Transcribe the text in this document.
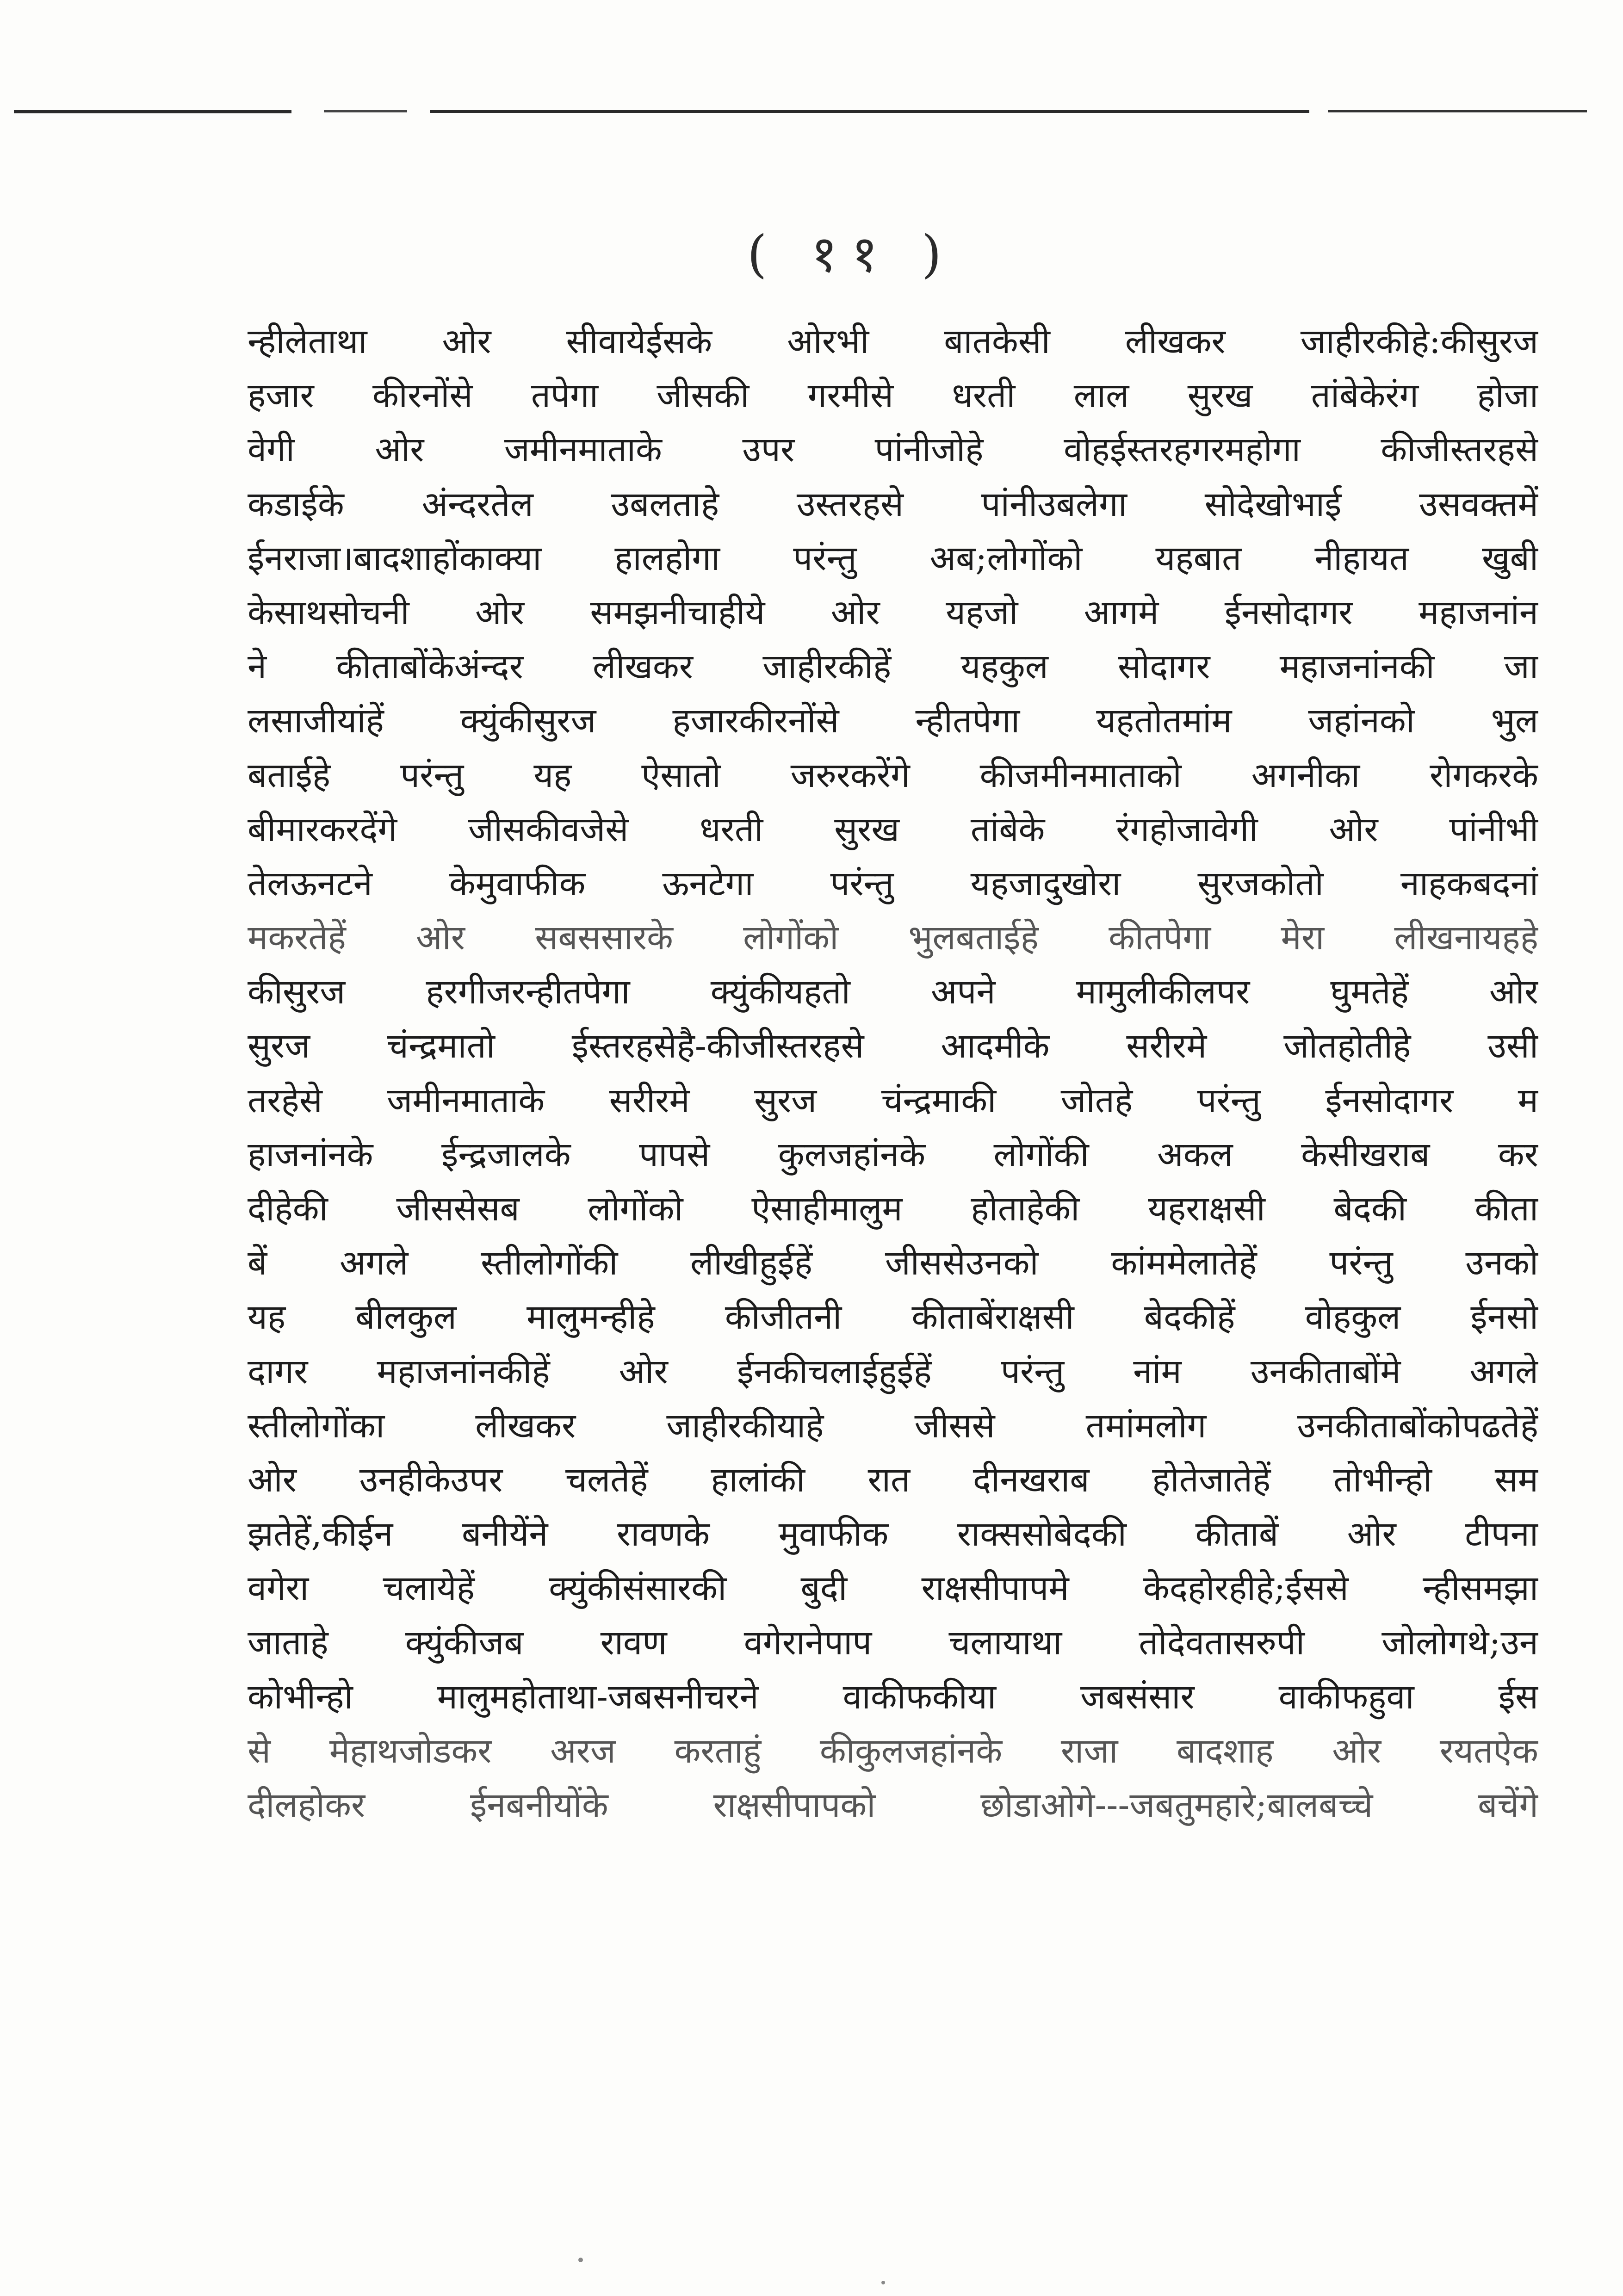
( ११ )
न्हीलेताथा ओर सीवायेईसके ओरभी बातकेसी लीखकर जाहीरकीहे:कीसुरज
हजार कीरनोंसे तपेगा जीसकी गरमीसे धरती लाल सुरख तांबेकेरंग होजा
वेगी ओर जमीनमाताके उपर पांनीजोहे वोहईस्तरहगरमहोगा कीजीस्तरहसे
कडाईके अंन्दरतेल उबलताहे उस्तरहसे पांनीउबलेगा सोदेखोभाई उसवक्तमें
ईनराजा।बादशाहोंकाक्या हालहोगा परंन्तु अब;लोगोंको यहबात नीहायत खुबी
केसाथसोचनी ओर समझनीचाहीये ओर यहजो आगमे ईनसोदागर महाजनांन
ने कीताबोंकेअंन्दर लीखकर जाहीरकीहें यहकुल सोदागर महाजनांनकी जा
लसाजीयांहें क्युंकीसुरज हजारकीरनोंसे न्हीतपेगा यहतोतमांम जहांनको भुल
बताईहे परंन्तु यह ऐसातो जरुरकरेंगे कीजमीनमाताको अगनीका रोगकरके
बीमारकरदेंगे जीसकीवजेसे धरती सुरख तांबेके रंगहोजावेगी ओर पांनीभी
तेलऊनटने केमुवाफीक ऊनटेगा परंन्तु यहजादुखोरा सुरजकोतो नाहकबदनां
मकरतेहें ओर सबससारके लोगोंको भुलबताईहे कीतपेगा मेरा लीखनायहहे
कीसुरज हरगीजरन्हीतपेगा क्युंकीयहतो अपने मामुलीकीलपर घुमतेहें ओर
सुरज चंन्द्रमातो ईस्तरहसेहै-कीजीस्तरहसे आदमीके सरीरमे जोतहोतीहे उसी
तरहेसे जमीनमाताके सरीरमे सुरज चंन्द्रमाकी जोतहे परंन्तु ईनसोदागर म
हाजनांनके ईन्द्रजालके पापसे कुलजहांनके लोगोंकी अकल केसीखराब कर
दीहेकी जीससेसब लोगोंको ऐसाहीमालुम होताहेकी यहराक्षसी बेदकी कीता
बें अगले स्तीलोगोंकी लीखीहुईहें जीससेउनको कांममेलातेहें परंन्तु उनको
यह बीलकुल मालुमन्हीहे कीजीतनी कीताबेंराक्षसी बेदकीहें वोहकुल ईनसो
दागर महाजनांनकीहें ओर ईनकीचलाईहुईहें परंन्तु नांम उनकीताबोंमे अगले
स्तीलोगोंका लीखकर जाहीरकीयाहे जीससे तमांमलोग उनकीताबोंकोपढतेहें
ओर उनहीकेउपर चलतेहें हालांकी रात दीनखराब होतेजातेहें तोभीन्हो सम
झतेहें,कीईन बनीयेंने रावणके मुवाफीक राक्ससोबेदकी कीताबें ओर टीपना
वगेरा चलायेहें क्युंकीसंसारकी बुदी राक्षसीपापमे केदहोरहीहे;ईससे न्हीसमझा
जाताहे क्युंकीजब रावण वगेरानेपाप चलायाथा तोदेवतासरुपी जोलोगथे;उन
कोभीन्हो मालुमहोताथा-जबसनीचरने वाकीफकीया जबसंसार वाकीफहुवा ईस
से मेहाथजोडकर अरज करताहुं कीकुलजहांनके राजा बादशाह ओर रयतऐक
दीलहोकर ईनबनीयोंके राक्षसीपापको छोडाओगे---जबतुमहारे;बालबच्चे बचेंगे
